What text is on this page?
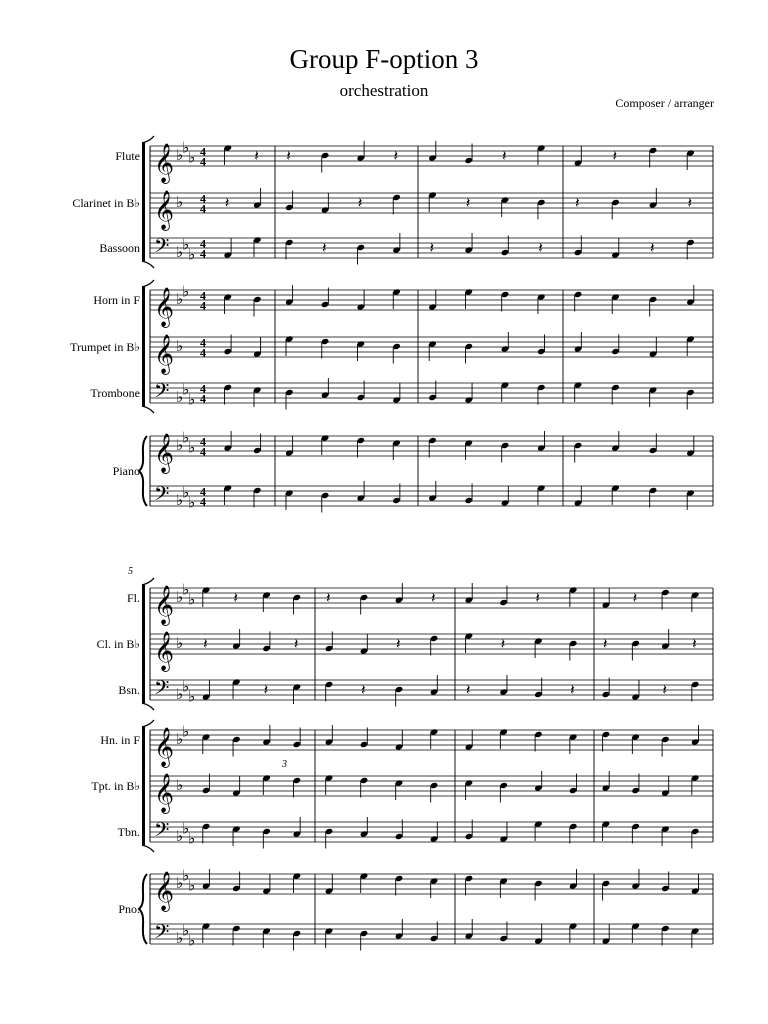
Group F-option 3
orchestration
Composer / arranger
Flute
Clarinet in B♭
Bassoon
Horn in F
Trumpet in B♭
Trombone
Piano
𝄞 ♭
♭
♭ 4
4
𝄞 ♭ 4
4
𝄢 ♭
♭
♭
4
4
𝄞 ♭
♭ 4
4
𝄞 ♭ 4
4
𝄢 ♭
♭
♭
4
4
𝄞 ♭
♭
♭ 4
4
𝄢 ♭
♭
♭
4
4
𝄽 𝄽	𝄽	𝄽	𝄽
𝄽	𝄽	𝄽	𝄽	𝄽
𝄽	𝄽	𝄽	𝄽
Fl.
Cl. in B♭
Bsn.
Hn. in F
Tpt. in B♭
Tbn.
Pno.
5
𝄞 ♭
♭
♭
𝄞 ♭
𝄢 ♭
♭
♭
𝄞 ♭
♭
𝄞 ♭
𝄢 ♭
♭
♭
𝄞 ♭
♭
♭
𝄢 ♭
♭
♭
𝄽	𝄽	𝄽	𝄽	𝄽
𝄽	𝄽	𝄽	𝄽	𝄽	𝄽
𝄽	𝄽	𝄽	𝄽	𝄽
3
